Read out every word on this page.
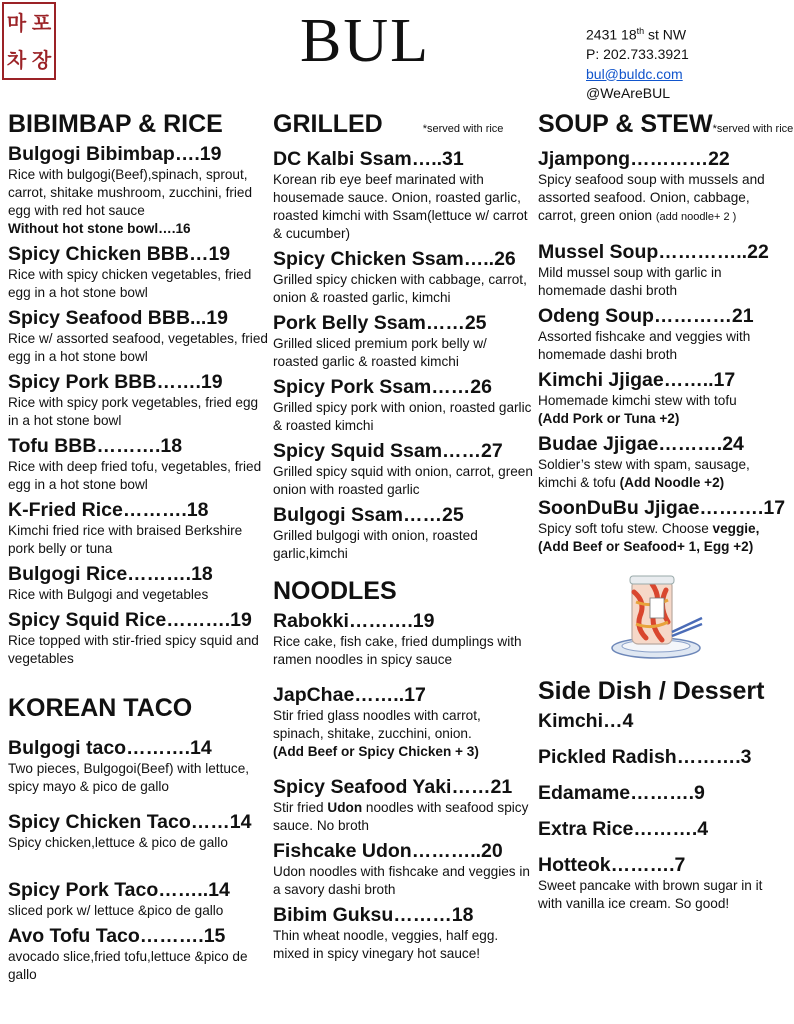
마 포
차 장	BUL	2431 18th st NW
P: 202.733.3921
bul@buldc.com
@WeAreBUL
BIBIMBAP & RICE
Bulgogi Bibimbap….19
Rice with bulgogi(Beef),spinach, sprout, carrot, shitake mushroom, zucchini, fried egg with red hot sauce
Without hot stone bowl….16
Spicy Chicken BBB…19
Rice with spicy chicken vegetables, fried egg in a hot stone bowl
Spicy Seafood BBB...19
Rice w/ assorted seafood, vegetables, fried egg in a hot stone bowl
Spicy Pork BBB…….19
Rice with spicy pork vegetables, fried egg in a hot stone bowl
Tofu BBB……….18
Rice with deep fried tofu, vegetables, fried egg in a hot stone bowl
K-Fried Rice……….18
Kimchi fried rice with braised Berkshire pork belly or tuna
Bulgogi Rice……….18
Rice with Bulgogi and vegetables
Spicy Squid Rice……….19
Rice topped with stir-fried spicy squid and vegetables
KOREAN TACO
Bulgogi taco……….14
Two pieces, Bulgogoi(Beef) with lettuce, spicy mayo & pico de gallo
Spicy Chicken Taco……14
Spicy chicken,lettuce & pico de gallo
Spicy Pork Taco……..14
sliced pork w/ lettuce &pico de gallo
Avo Tofu Taco……….15
avocado slice,fried tofu,lettuce &pico de gallo
GRILLED	*served with rice
DC Kalbi Ssam…..31
Korean rib eye beef marinated with housemade sauce. Onion, roasted garlic, roasted kimchi with Ssam(lettuce w/ carrot & cucumber)
Spicy Chicken Ssam…..26
Grilled spicy chicken with cabbage, carrot, onion & roasted garlic, kimchi
Pork Belly Ssam……25
Grilled sliced premium pork belly w/ roasted garlic & roasted kimchi
Spicy Pork Ssam……26
Grilled spicy pork with onion, roasted garlic & roasted kimchi
Spicy Squid Ssam……27
Grilled spicy squid with onion, carrot, green onion with roasted garlic
Bulgogi Ssam……25
Grilled bulgogi with onion, roasted garlic,kimchi
NOODLES
Rabokki……….19
Rice cake, fish cake, fried dumplings with ramen noodles in spicy sauce
JapChae……..17
Stir fried glass noodles with carrot, spinach, shitake, zucchini, onion.
(Add Beef or Spicy Chicken + 3)
Spicy Seafood Yaki……21
Stir fried Udon noodles with seafood spicy sauce. No broth
Fishcake Udon………..20
Udon noodles with fishcake and veggies in a savory dashi broth
Bibim Guksu………18
Thin wheat noodle, veggies, half egg. mixed in spicy vinegary hot sauce!
SOUP & STEW*served with rice
Jjampong…………22
Spicy seafood soup with mussels and assorted seafood. Onion, cabbage, carrot, green onion (add noodle+ 2 )
Mussel Soup…………..22
Mild mussel soup with garlic in homemade dashi broth
Odeng Soup…………21
Assorted fishcake and veggies with homemade dashi broth
Kimchi Jjigae……..17
Homemade kimchi stew with tofu
(Add Pork or Tuna +2)
Budae Jjigae……….24
Soldier’s stew with spam, sausage, kimchi & tofu (Add Noodle +2)
SoonDuBu Jjigae……….17
Spicy soft tofu stew. Choose veggie,
(Add Beef or Seafood+ 1, Egg +2)
Side Dish / Dessert
Kimchi…4
Pickled Radish……….3
Edamame……….9
Extra Rice……….4
Hotteok……….7
Sweet pancake with brown sugar in it with vanilla ice cream. So good!
